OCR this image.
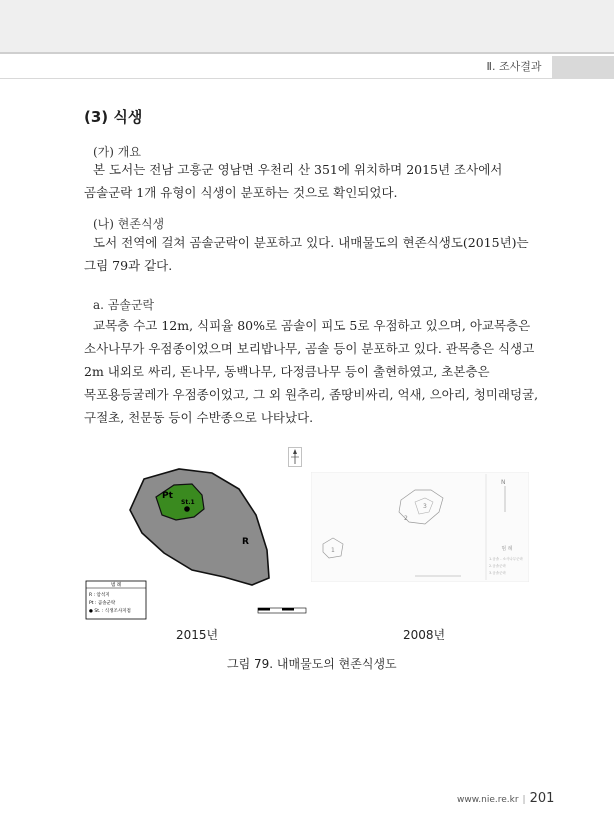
Ⅱ. 조사결과
(3) 식생
(가) 개요
본 도서는 전남 고흥군 영남면 우천리 산 351에 위치하며 2015년 조사에서
곰솔군락 1개 유형이 식생이 분포하는 것으로 확인되었다.
(나) 현존식생
도서 전역에 걸쳐 곰솔군락이 분포하고 있다. 내매물도의 현존식생도(2015년)는
그림 79과 같다.
a. 곰솔군락
교목층 수고 12m, 식피율 80%로 곰솔이 피도 5로 우점하고 있으며, 아교목층은
소사나무가 우점종이었으며 보리밥나무, 곰솔 등이 분포하고 있다. 관목층은 식생고
2m 내외로 싸리, 돈나무, 동백나무, 다정큼나무 등이 출현하였고, 초본층은
목포용등굴레가 우점종이었고, 그 외 원추리, 좀땅비싸리, 억새, 으아리, 청미래덩굴,
구절초, 천문동 등이 수반종으로 나타났다.
Pt
St.1
R
범 례
R : 암석지
Pt : 곰솔군락
● St. : 식생조사지점
2
3
1
N
범 례
1.곰솔 - 소사나무군락
2.곰솔군락
3.곰솔군락
2015년	2008년
그림 79. 내매물도의 현존식생도
www.nie.re.kr | 201
